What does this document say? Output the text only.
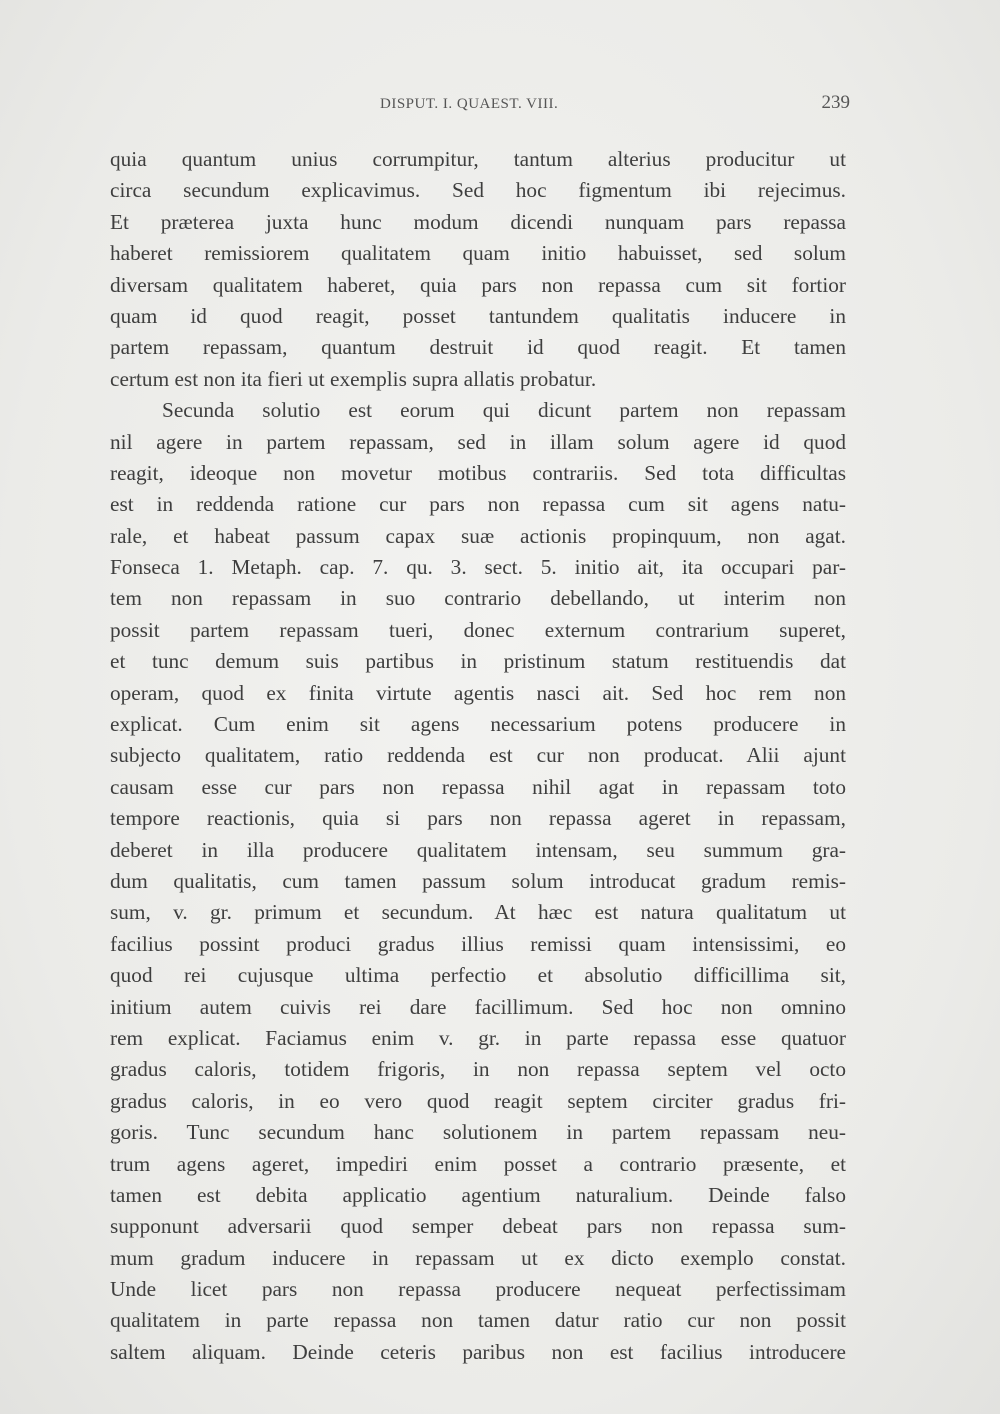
DISPUT. I. QUAEST. VIII.	239
quia quantum unius corrumpitur, tantum alterius producitur ut
circa secundum explicavimus. Sed hoc figmentum ibi rejecimus.
Et præterea juxta hunc modum dicendi nunquam pars repassa
haberet remissiorem qualitatem quam initio habuisset, sed solum
diversam qualitatem haberet, quia pars non repassa cum sit fortior
quam id quod reagit, posset tantundem qualitatis inducere in
partem repassam, quantum destruit id quod reagit. Et tamen
certum est non ita fieri ut exemplis supra allatis probatur.
Secunda solutio est eorum qui dicunt partem non repassam
nil agere in partem repassam, sed in illam solum agere id quod
reagit, ideoque non movetur motibus contrariis. Sed tota difficultas
est in reddenda ratione cur pars non repassa cum sit agens natu-
rale, et habeat passum capax suæ actionis propinquum, non agat.
Fonseca 1. Metaph. cap. 7. qu. 3. sect. 5. initio ait, ita occupari par-
tem non repassam in suo contrario debellando, ut interim non
possit partem repassam tueri, donec externum contrarium superet,
et tunc demum suis partibus in pristinum statum restituendis dat
operam, quod ex finita virtute agentis nasci ait. Sed hoc rem non
explicat. Cum enim sit agens necessarium potens producere in
subjecto qualitatem, ratio reddenda est cur non producat. Alii ajunt
causam esse cur pars non repassa nihil agat in repassam toto
tempore reactionis, quia si pars non repassa ageret in repassam,
deberet in illa producere qualitatem intensam, seu summum gra-
dum qualitatis, cum tamen passum solum introducat gradum remis-
sum, v. gr. primum et secundum. At hæc est natura qualitatum ut
facilius possint produci gradus illius remissi quam intensissimi, eo
quod rei cujusque ultima perfectio et absolutio difficillima sit,
initium autem cuivis rei dare facillimum. Sed hoc non omnino
rem explicat. Faciamus enim v. gr. in parte repassa esse quatuor
gradus caloris, totidem frigoris, in non repassa septem vel octo
gradus caloris, in eo vero quod reagit septem circiter gradus fri-
goris. Tunc secundum hanc solutionem in partem repassam neu-
trum agens ageret, impediri enim posset a contrario præsente, et
tamen est debita applicatio agentium naturalium. Deinde falso
supponunt adversarii quod semper debeat pars non repassa sum-
mum gradum inducere in repassam ut ex dicto exemplo constat.
Unde licet pars non repassa producere nequeat perfectissimam
qualitatem in parte repassa non tamen datur ratio cur non possit
saltem aliquam. Deinde ceteris paribus non est facilius introducere
